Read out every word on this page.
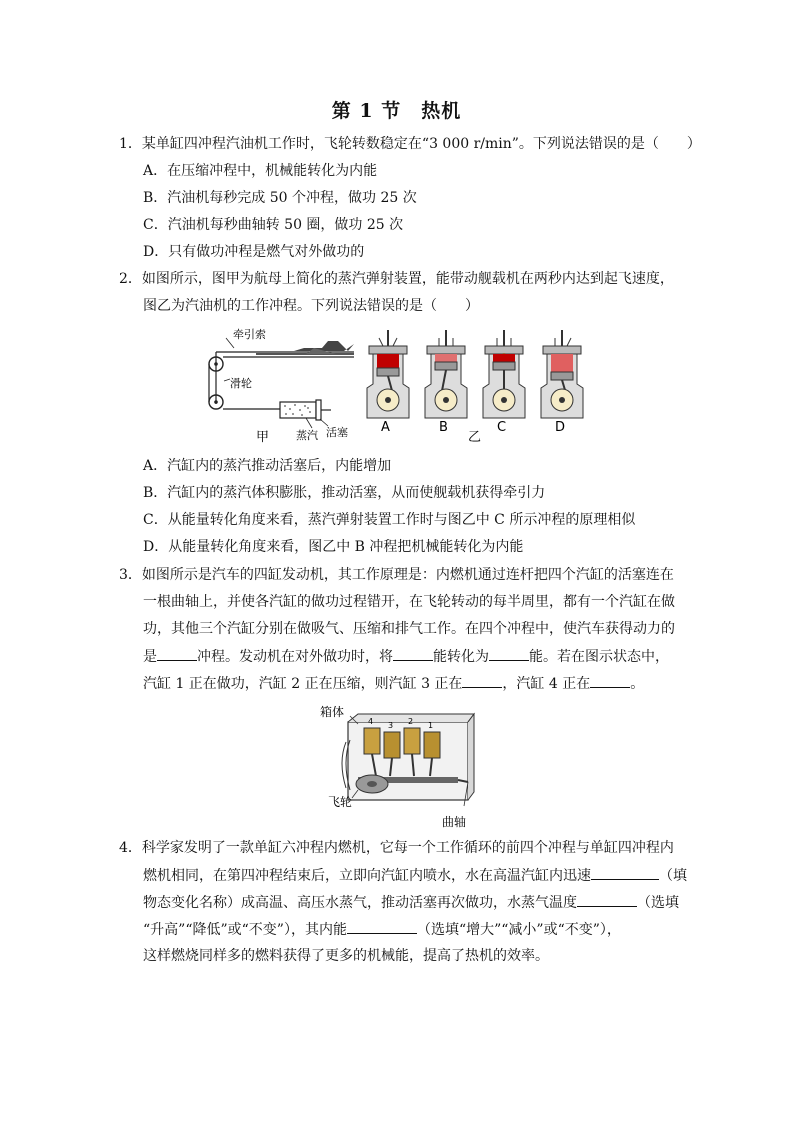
第 1 节　热机
1．某单缸四冲程汽油机工作时，飞轮转数稳定在“3 000 r/min”。下列说法错误的是（　　）
A．在压缩冲程中，机械能转化为内能
B．汽油机每秒完成 50 个冲程，做功 25 次
C．汽油机每秒曲轴转 50 圈，做功 25 次
D．只有做功冲程是燃气对外做功的
2．如图所示，图甲为航母上简化的蒸汽弹射装置，能带动舰载机在两秒内达到起飞速度，
图乙为汽油机的工作冲程。下列说法错误的是（　　）
牵引索
滑轮
蒸汽 活塞
甲	乙
A	B	C	D
A．汽缸内的蒸汽推动活塞后，内能增加
B．汽缸内的蒸汽体积膨胀，推动活塞，从而使舰载机获得牵引力
C．从能量转化角度来看，蒸汽弹射装置工作时与图乙中 C 所示冲程的原理相似
D．从能量转化角度来看，图乙中 B 冲程把机械能转化为内能
3．如图所示是汽车的四缸发动机，其工作原理是：内燃机通过连杆把四个汽缸的活塞连在
一根曲轴上，并使各汽缸的做功过程错开，在飞轮转动的每半周里，都有一个汽缸在做
功，其他三个汽缸分别在做吸气、压缩和排气工作。在四个冲程中，使汽车获得动力的
是	冲程。发动机在对外做功时，将	能转化为	能。若在图示状态中，
汽缸 1 正在做功，汽缸 2 正在压缩，则汽缸 3 正在	，汽缸 4 正在	。
4 3 2 1
箱体
飞轮
曲轴
4．科学家发明了一款单缸六冲程内燃机，它每一个工作循环的前四个冲程与单缸四冲程内
燃机相同，在第四冲程结束后，立即向汽缸内喷水，水在高温汽缸内迅速	（填
物态变化名称）成高温、高压水蒸气，推动活塞再次做功，水蒸气温度	（选填
“升高”“降低”或“不变”），其内能	（选填“增大”“减小”或“不变”），
这样燃烧同样多的燃料获得了更多的机械能，提高了热机的效率。
